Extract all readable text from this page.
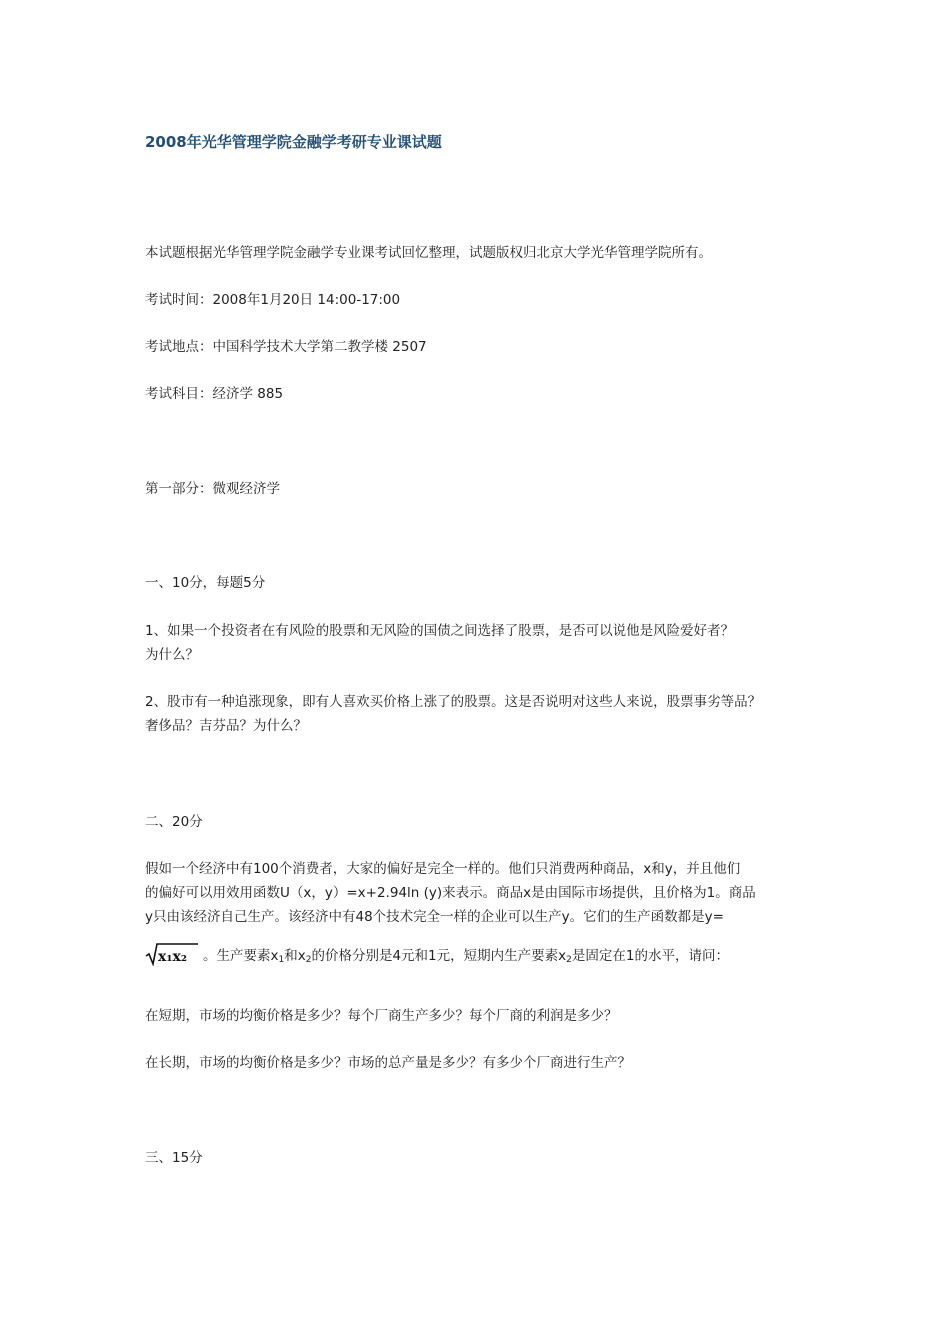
2008年光华管理学院金融学考研专业课试题

本试题根据光华管理学院金融学专业课考试回忆整理，试题版权归北京大学光华管理学院所有。

考试时间：2008年1月20日 14:00-17:00

考试地点：中国科学技术大学第二教学楼 2507

考试科目：经济学 885

第一部分：微观经济学

一、10分，每题5分

1、如果一个投资者在有风险的股票和无风险的国债之间选择了股票，是否可以说他是风险爱好者？

为什么？

2、股市有一种追涨现象，即有人喜欢买价格上涨了的股票。这是否说明对这些人来说，股票事劣等品？

奢侈品？吉芬品？为什么？

二、20分

假如一个经济中有100个消费者，大家的偏好是完全一样的。他们只消费两种商品，x和y，并且他们

的偏好可以用效用函数U（x，y）=x+2.94ln (y)来表示。商品x是由国际市场提供，且价格为1。商品

y只由该经济自己生产。该经济中有48个技术完全一样的企业可以生产y。它们的生产函数都是y=

x₁x₂ 。生产要素$x_1$和$x_2$的价格分别是4元和1元，短期内生产要素$x_2$是固定在1的水平，请问：

在短期，市场的均衡价格是多少？每个厂商生产多少？每个厂商的利润是多少？

在长期，市场的均衡价格是多少？市场的总产量是多少？有多少个厂商进行生产？

三、15分
